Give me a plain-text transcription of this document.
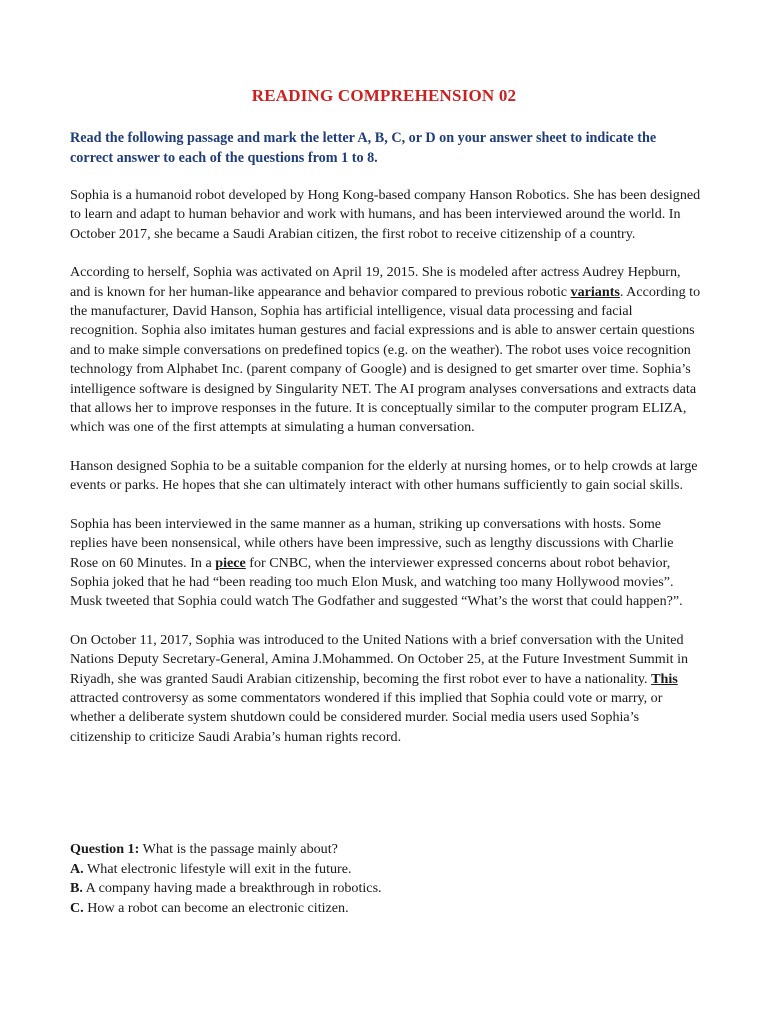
READING COMPREHENSION 02
Read the following passage and mark the letter A, B, C, or D on your answer sheet to indicate the correct answer to each of the questions from 1 to 8.

Sophia is a humanoid robot developed by Hong Kong-based company Hanson Robotics. She has been designed to learn and adapt to human behavior and work with humans, and has been interviewed around the world. In October 2017, she became a Saudi Arabian citizen, the first robot to receive citizenship of a country.

According to herself, Sophia was activated on April 19, 2015. She is modeled after actress Audrey Hepburn, and is known for her human-like appearance and behavior compared to previous robotic variants. According to the manufacturer, David Hanson, Sophia has artificial intelligence, visual data processing and facial recognition. Sophia also imitates human gestures and facial expressions and is able to answer certain questions and to make simple conversations on predefined topics (e.g. on the weather). The robot uses voice recognition technology from Alphabet Inc. (parent company of Google) and is designed to get smarter over time. Sophia’s intelligence software is designed by Singularity NET. The AI program analyses conversations and extracts data that allows her to improve responses in the future. It is conceptually similar to the computer program ELIZA, which was one of the first attempts at simulating a human conversation.

Hanson designed Sophia to be a suitable companion for the elderly at nursing homes, or to help crowds at large events or parks. He hopes that she can ultimately interact with other humans sufficiently to gain social skills.

Sophia has been interviewed in the same manner as a human, striking up conversations with hosts. Some replies have been nonsensical, while others have been impressive, such as lengthy discussions with Charlie Rose on 60 Minutes. In a piece for CNBC, when the interviewer expressed concerns about robot behavior, Sophia joked that he had “been reading too much Elon Musk, and watching too many Hollywood movies”. Musk tweeted that Sophia could watch The Godfather and suggested “What’s the worst that could happen?”.

On October 11, 2017, Sophia was introduced to the United Nations with a brief conversation with the United Nations Deputy Secretary-General, Amina J.Mohammed. On October 25, at the Future Investment Summit in Riyadh, she was granted Saudi Arabian citizenship, becoming the first robot ever to have a nationality. This attracted controversy as some commentators wondered if this implied that Sophia could vote or marry, or whether a deliberate system shutdown could be considered murder. Social media users used Sophia’s citizenship to criticize Saudi Arabia’s human rights record.

Question 1: What is the passage mainly about?

A. What electronic lifestyle will exit in the future.

B. A company having made a breakthrough in robotics.

C. How a robot can become an electronic citizen.
